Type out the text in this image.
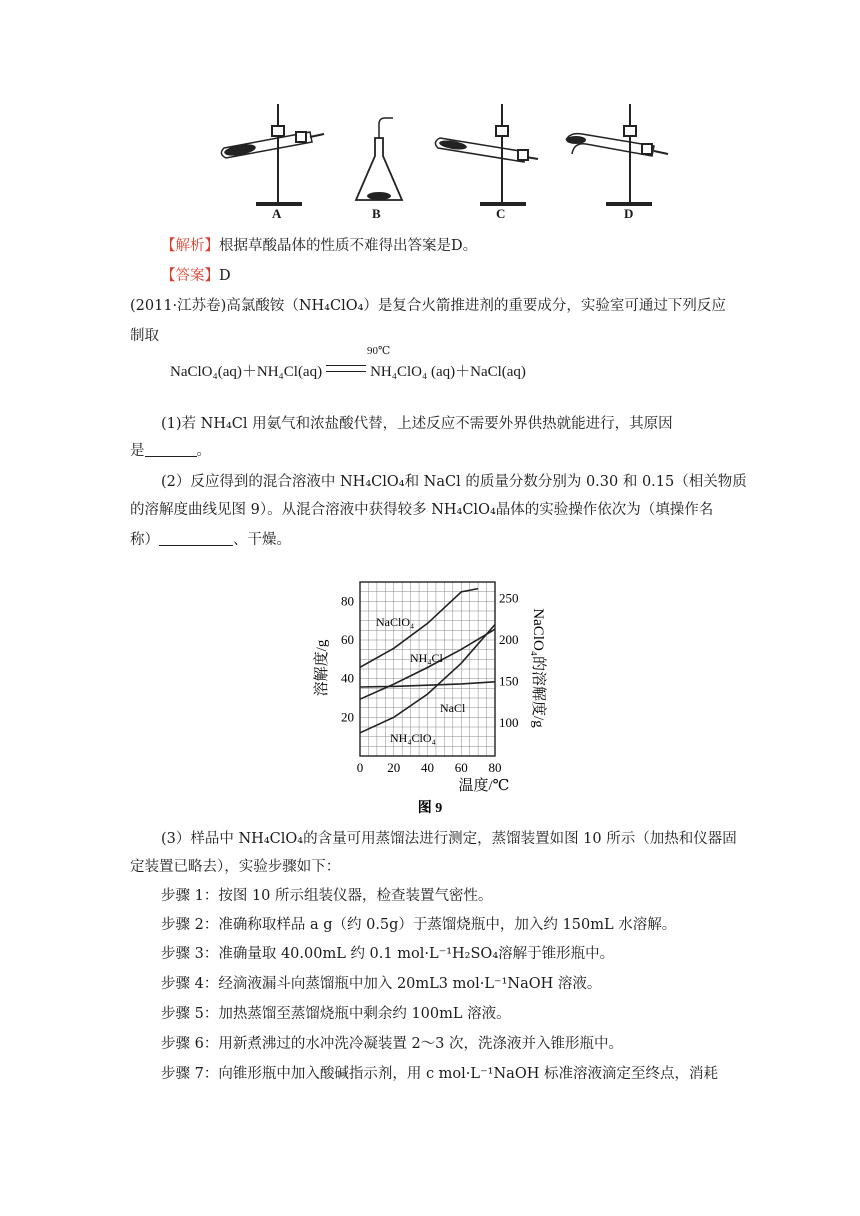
A	B	C	D
【解析】根据草酸晶体的性质不难得出答案是D。
【答案】D
(2011·江苏卷)高氯酸铵（NH₄ClO₄）是复合火箭推进剂的重要成分，实验室可通过下列反应
制取
NaClO₄(aq)＋NH₄Cl(aq)	NH₄ClO₄ (aq)＋NaCl(aq)
90℃
(1)若 NH₄Cl 用氨气和浓盐酸代替，上述反应不需要外界供热就能进行，其原因
是	。
(2）反应得到的混合溶液中 NH₄ClO₄和 NaCl 的质量分数分别为 0.30 和 0.15（相关物质
的溶解度曲线见图 9）。从混合溶液中获得较多 NH₄ClO₄晶体的实验操作依次为（填操作名
称）	、干燥。
0 20 40 60 80
20
40
60
80
100
150
200
250
NaClO₄
NH₄Cl
NaCl
NH₄ClO₄
溶解度/g	NaClO₄的溶解度/g
温度/℃
图 9
(3）样品中 NH₄ClO₄的含量可用蒸馏法进行测定，蒸馏装置如图 10 所示（加热和仪器固
定装置已略去），实验步骤如下：
步骤 1：按图 10 所示组装仪器，检查装置气密性。
步骤 2：准确称取样品 a g（约 0.5g）于蒸馏烧瓶中，加入约 150mL 水溶解。
步骤 3：准确量取 40.00mL 约 0.1 mol·L⁻¹H₂SO₄溶解于锥形瓶中。
步骤 4：经滴液漏斗向蒸馏瓶中加入 20mL3 mol·L⁻¹NaOH 溶液。
步骤 5：加热蒸馏至蒸馏烧瓶中剩余约 100mL 溶液。
步骤 6：用新煮沸过的水冲洗冷凝装置 2～3 次，洗涤液并入锥形瓶中。
步骤 7：向锥形瓶中加入酸碱指示剂，用 c mol·L⁻¹NaOH 标准溶液滴定至终点，消耗
